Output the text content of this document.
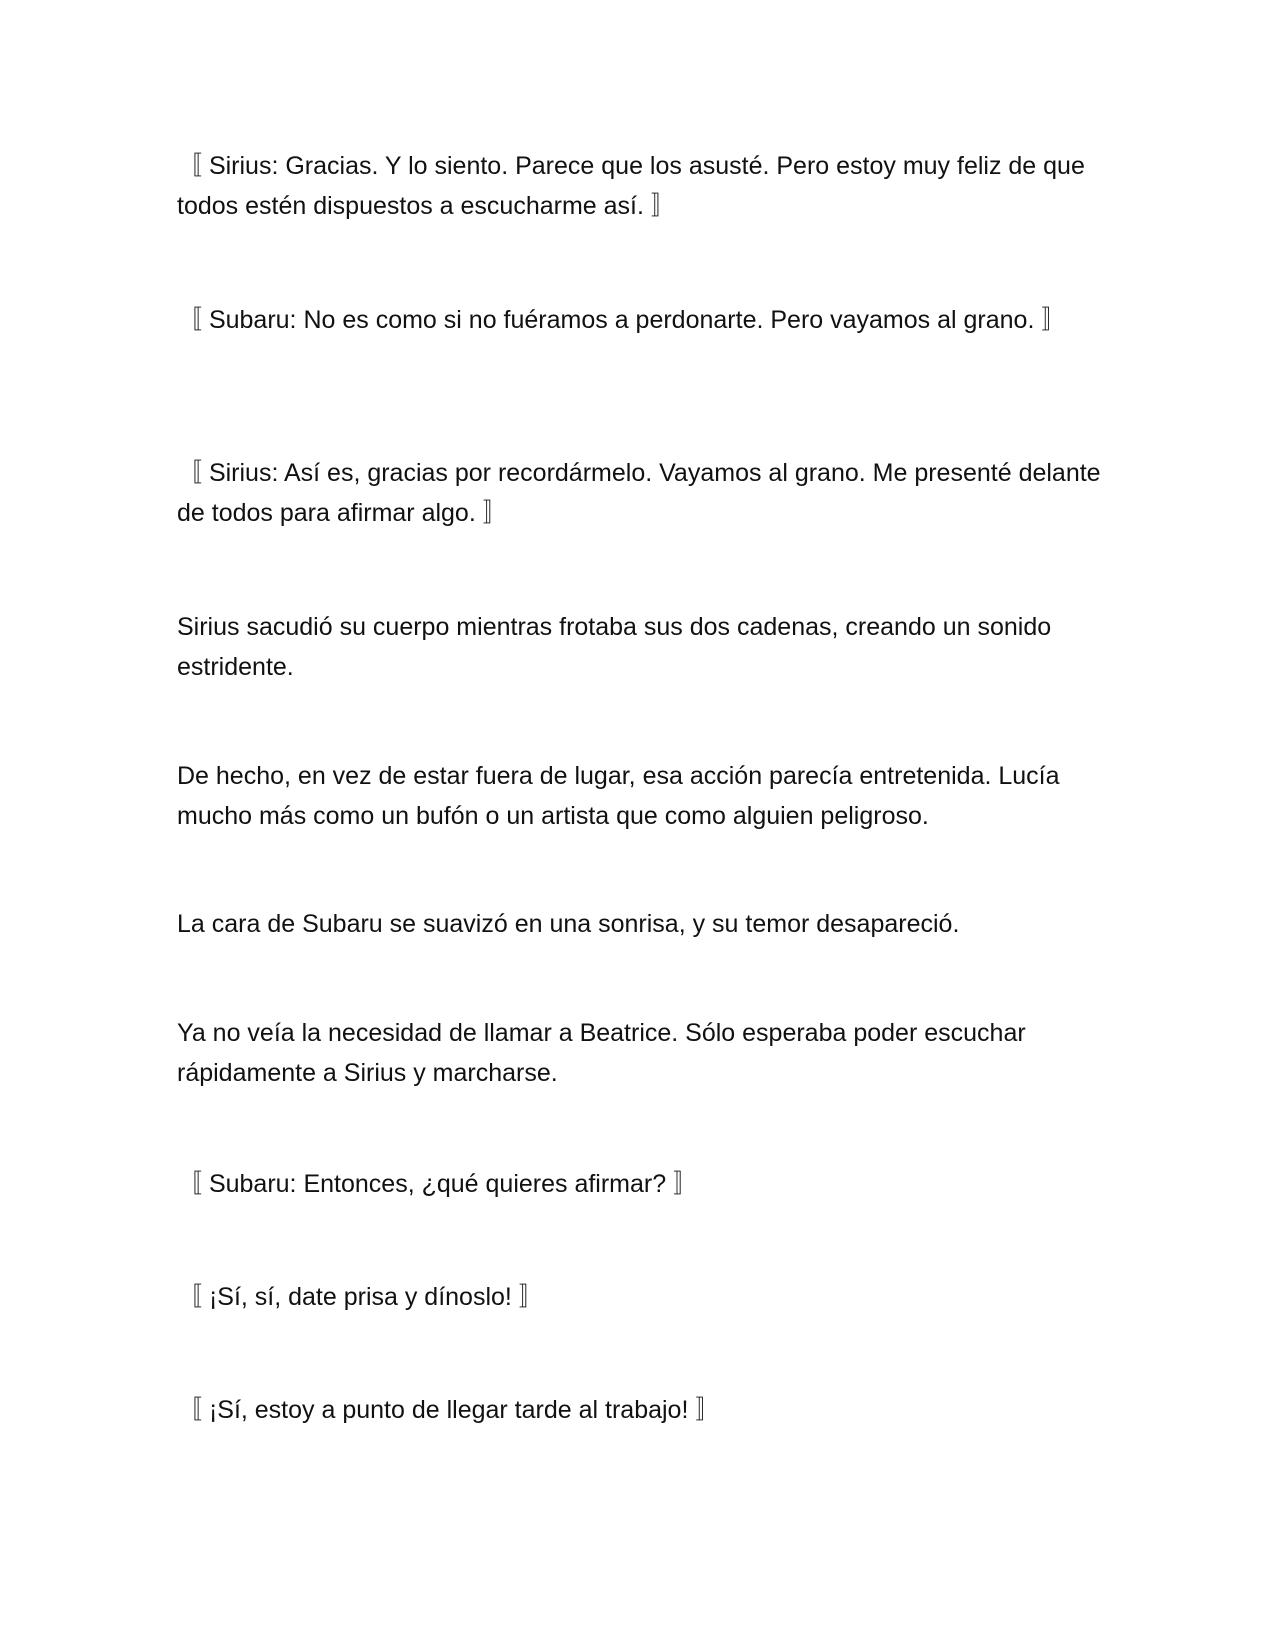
〚 Sirius: Gracias. Y lo siento. Parece que los asusté. Pero estoy muy feliz de que todos estén dispuestos a escucharme así. 〛

〚 Subaru: No es como si no fuéramos a perdonarte. Pero vayamos al grano. 〛

〚 Sirius: Así es, gracias por recordármelo. Vayamos al grano. Me presenté delante de todos para afirmar algo. 〛

Sirius sacudió su cuerpo mientras frotaba sus dos cadenas, creando un sonido estridente.

De hecho, en vez de estar fuera de lugar, esa acción parecía entretenida. Lucía mucho más como un bufón o un artista que como alguien peligroso.

La cara de Subaru se suavizó en una sonrisa, y su temor desapareció.

Ya no veía la necesidad de llamar a Beatrice. Sólo esperaba poder escuchar rápidamente a Sirius y marcharse.

〚 Subaru: Entonces, ¿qué quieres afirmar? 〛

〚 ¡Sí, sí, date prisa y dínoslo! 〛

〚 ¡Sí, estoy a punto de llegar tarde al trabajo! 〛
